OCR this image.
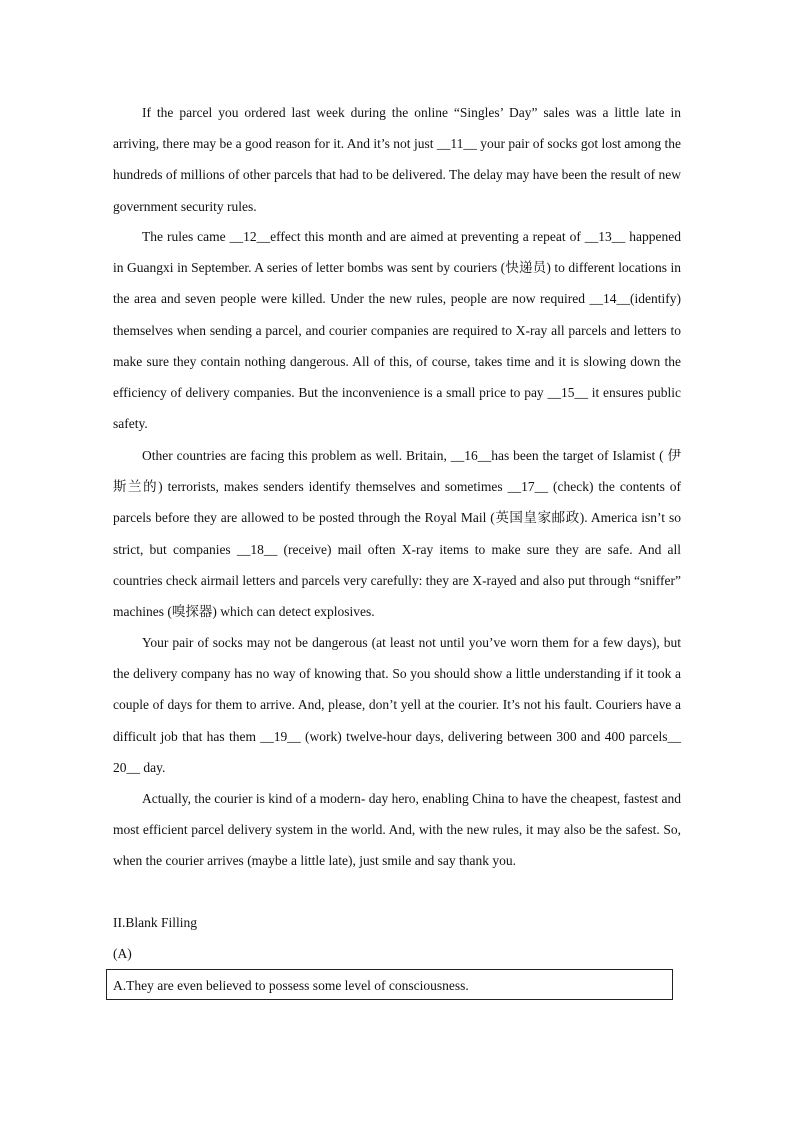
If the parcel you ordered last week during the online “Singles’ Day” sales was a little late in arriving, there may be a good reason for it. And it’s not just __11__ your pair of socks got lost among the hundreds of millions of other parcels that had to be delivered. The delay may have been the result of new government security rules.

The rules came __12__effect this month and are aimed at preventing a repeat of __13__ happened in Guangxi in September. A series of letter bombs was sent by couriers (快递员) to different locations in the area and seven people were killed. Under the new rules, people are now required __14__(identify) themselves when sending a parcel, and courier companies are required to X-ray all parcels and letters to make sure they contain nothing dangerous. All of this, of course, takes time and it is slowing down the efficiency of delivery companies. But the inconvenience is a small price to pay __15__ it ensures public safety.

Other countries are facing this problem as well. Britain, __16__has been the target of Islamist ( 伊斯兰的) terrorists, makes senders identify themselves and sometimes __17__ (check) the contents of parcels before they are allowed to be posted through the Royal Mail (英国皇家邮政). America isn’t so strict, but companies __18__ (receive) mail often X-ray items to make sure they are safe. And all countries check airmail letters and parcels very carefully: they are X-rayed and also put through “sniffer” machines (嗅探器) which can detect explosives.

Your pair of socks may not be dangerous (at least not until you’ve worn them for a few days), but the delivery company has no way of knowing that. So you should show a little understanding if it took a couple of days for them to arrive. And, please, don’t yell at the courier. It’s not his fault. Couriers have a difficult job that has them __19__ (work) twelve-hour days, delivering between 300 and 400 parcels__ 20__ day.

Actually, the courier is kind of a modern- day hero, enabling China to have the cheapest, fastest and most efficient parcel delivery system in the world. And, with the new rules, it may also be the safest. So, when the courier arrives (maybe a little late), just smile and say thank you.

II.Blank Filling
(A)
A.They are even believed to possess some level of consciousness.
